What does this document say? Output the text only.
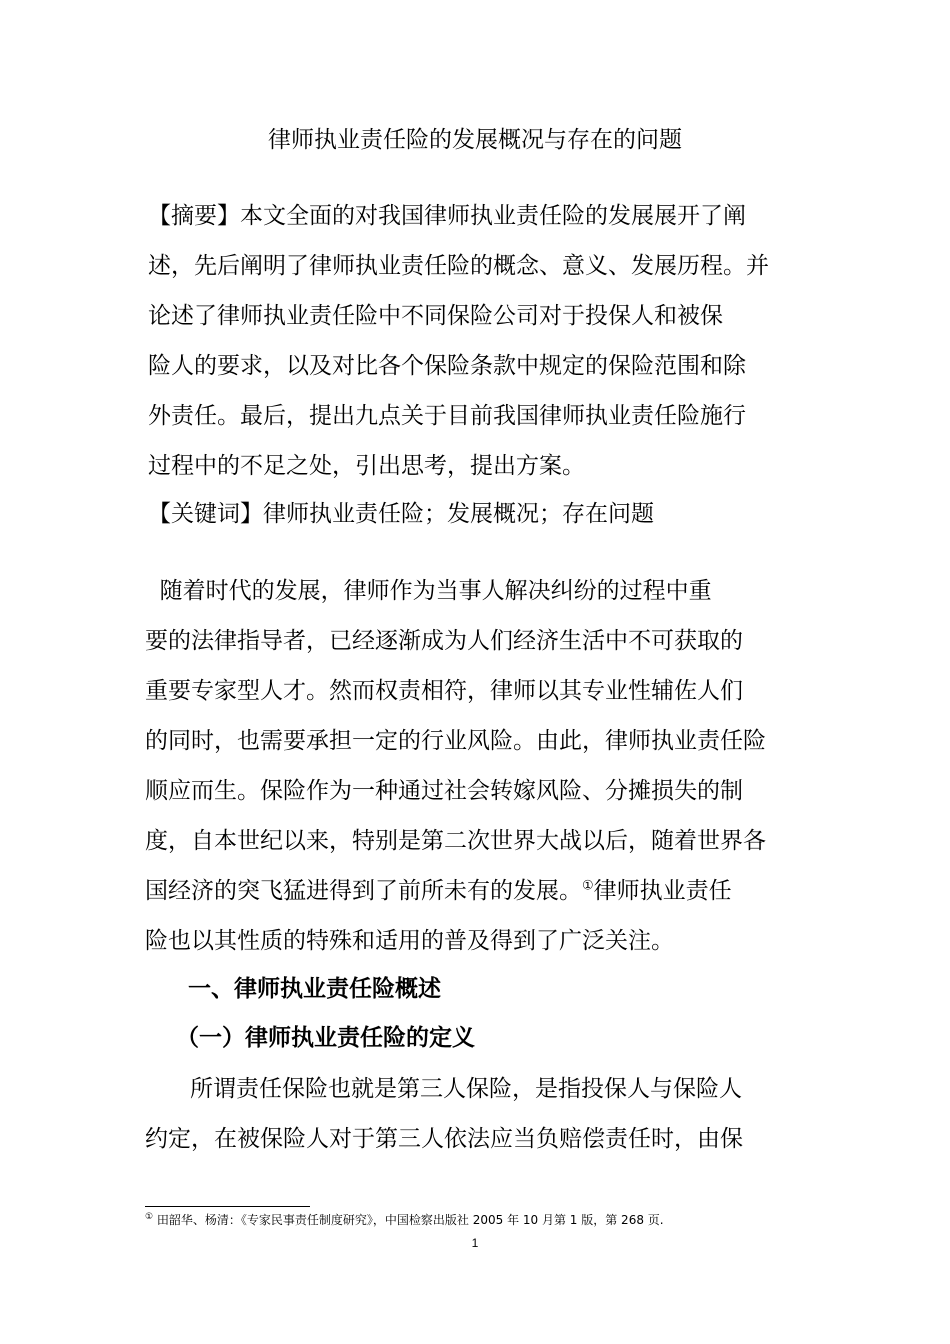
律师执业责任险的发展概况与存在的问题
【摘要】本文全面的对我国律师执业责任险的发展展开了阐
述，先后阐明了律师执业责任险的概念、意义、发展历程。并
论述了律师执业责任险中不同保险公司对于投保人和被保
险人的要求，以及对比各个保险条款中规定的保险范围和除
外责任。最后，提出九点关于目前我国律师执业责任险施行
过程中的不足之处，引出思考，提出方案。
【关键词】律师执业责任险；发展概况；存在问题
随着时代的发展，律师作为当事人解决纠纷的过程中重
要的法律指导者，已经逐渐成为人们经济生活中不可获取的
重要专家型人才。然而权责相符，律师以其专业性辅佐人们
的同时，也需要承担一定的行业风险。由此，律师执业责任险
顺应而生。保险作为一种通过社会转嫁风险、分摊损失的制
度，自本世纪以来，特别是第二次世界大战以后，随着世界各
国经济的突飞猛进得到了前所未有的发展。①律师执业责任
险也以其性质的特殊和适用的普及得到了广泛关注。
一、律师执业责任险概述
（一）律师执业责任险的定义
所谓责任保险也就是第三人保险，是指投保人与保险人
约定，在被保险人对于第三人依法应当负赔偿责任时，由保
① 田韶华、杨清：《专家民事责任制度研究》，中国检察出版社 2005 年 10 月第 1 版，第 268 页.
1
